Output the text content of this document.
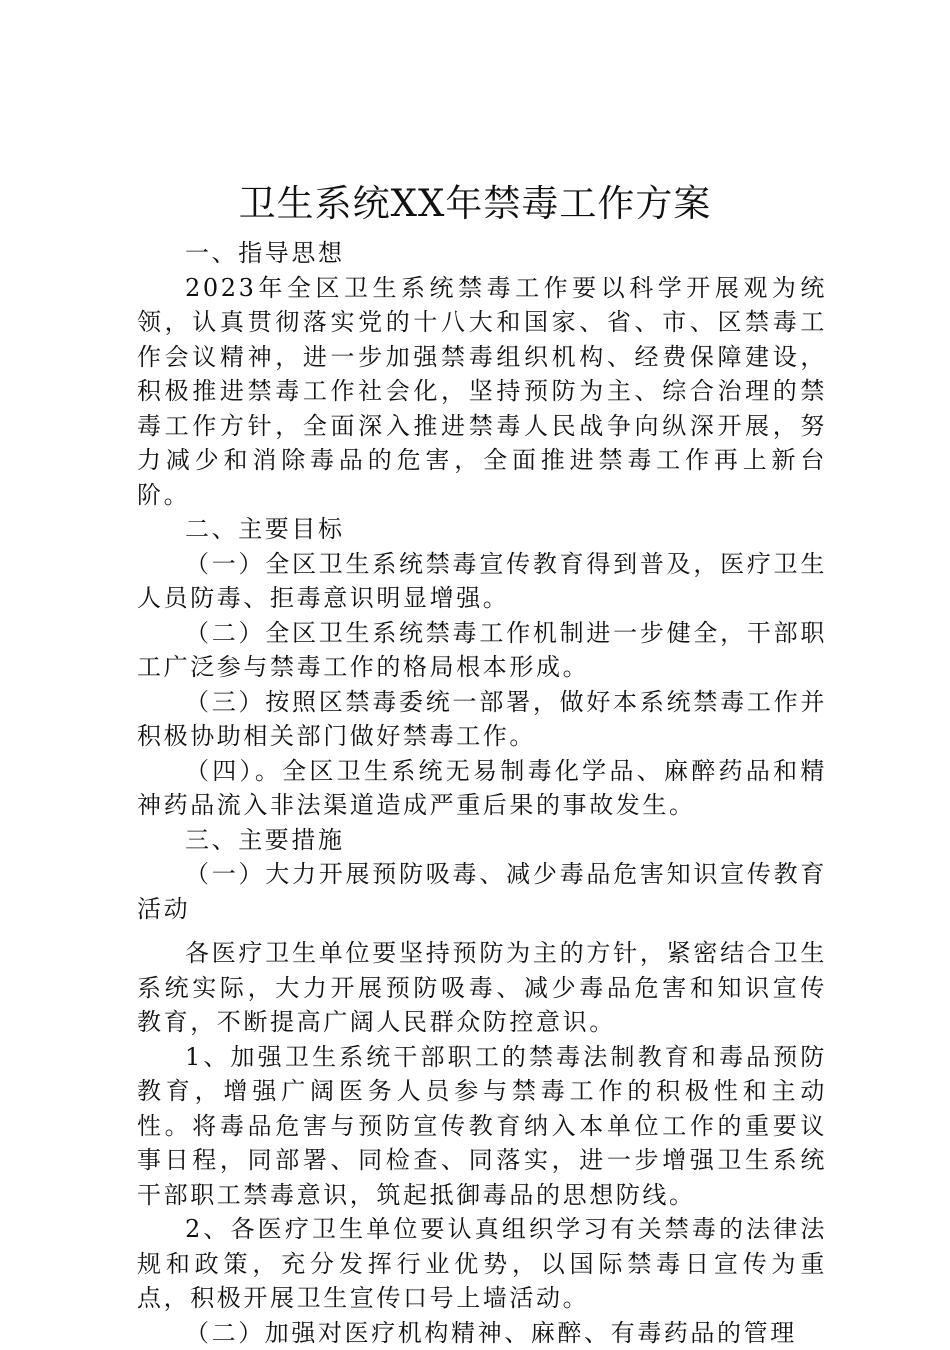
卫生系统XX年禁毒工作方案

一、指导思想

2023年全区卫生系统禁毒工作要以科学开展观为统领，认真贯彻落实党的十八大和国家、省、市、区禁毒工作会议精神，进一步加强禁毒组织机构、经费保障建设，积极推进禁毒工作社会化，坚持预防为主、综合治理的禁毒工作方针，全面深入推进禁毒人民战争向纵深开展，努力减少和消除毒品的危害，全面推进禁毒工作再上新台阶。

二、主要目标

（一）全区卫生系统禁毒宣传教育得到普及，医疗卫生人员防毒、拒毒意识明显增强。

（二）全区卫生系统禁毒工作机制进一步健全，干部职工广泛参与禁毒工作的格局根本形成。

（三）按照区禁毒委统一部署，做好本系统禁毒工作并积极协助相关部门做好禁毒工作。

（四）。全区卫生系统无易制毒化学品、麻醉药品和精神药品流入非法渠道造成严重后果的事故发生。

三、主要措施

（一）大力开展预防吸毒、减少毒品危害知识宣传教育活动

各医疗卫生单位要坚持预防为主的方针，紧密结合卫生系统实际，大力开展预防吸毒、减少毒品危害和知识宣传教育，不断提高广阔人民群众防控意识。

1、加强卫生系统干部职工的禁毒法制教育和毒品预防教育，增强广阔医务人员参与禁毒工作的积极性和主动性。将毒品危害与预防宣传教育纳入本单位工作的重要议事日程，同部署、同检查、同落实，进一步增强卫生系统干部职工禁毒意识，筑起抵御毒品的思想防线。

2、各医疗卫生单位要认真组织学习有关禁毒的法律法规和政策，充分发挥行业优势，以国际禁毒日宣传为重点，积极开展卫生宣传口号上墙活动。

（二）加强对医疗机构精神、麻醉、有毒药品的管理
